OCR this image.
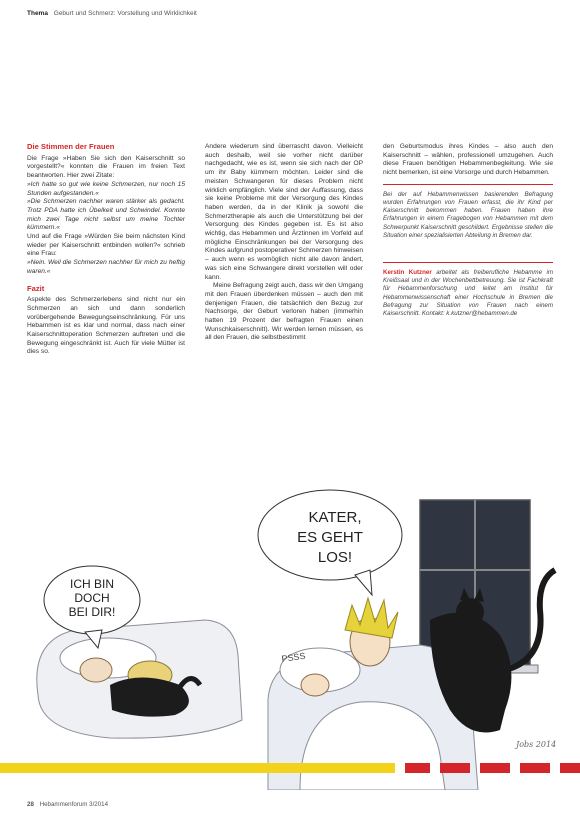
Thema Geburt und Schmerz: Vorstellung und Wirklichkeit
Die Stimmen der Frauen

Die Frage »Haben Sie sich den Kaiserschnitt so vorgestellt?« konnten die Frauen im freien Text beantworten. Hier zwei Zitate:

»Ich hatte so gut wie keine Schmerzen, nur noch 15 Stunden aufgestanden.«

»Die Schmerzen nachher waren stärker als gedacht. Trotz PDA hatte ich Übelkeit und Schwindel. Konnte mich zwei Tage nicht selbst um meine Tochter kümmern.«

Und auf die Frage »Würden Sie beim nächsten Kind wieder per Kaiserschnitt entbinden wollen?« schrieb eine Frau:

»Nein. Weil die Schmerzen nachher für mich zu heftig waren.«

Fazit

Aspekte des Schmerzerlebens sind nicht nur ein Schmerzen an sich und dann sonderlich vorübergehende Bewegungseinschränkung. Für uns Hebammen ist es klar und normal, dass nach einer Kaiserschnittoperation Schmerzen auftreten und die Bewegung eingeschränkt ist. Auch für viele Mütter ist dies so.

Andere wiederum sind überrascht davon. Vielleicht auch deshalb, weil sie vorher nicht darüber nachgedacht, wie es ist, wenn sie sich nach der OP um ihr Baby kümmern möchten. Leider sind die meisten Schwangeren für dieses Problem nicht wirklich empfänglich. Viele sind der Auffassung, dass sie keine Probleme mit der Versorgung des Kindes haben werden, da in der Klinik ja sowohl die Schmerztherapie als auch die Unterstützung bei der Versorgung des Kindes gegeben ist. Es ist also wichtig, das Hebammen und Ärztinnen im Vorfeld auf mögliche Einschränkungen bei der Versorgung des Kindes aufgrund postoperativer Schmerzen hinweisen – auch wenn es womöglich nicht alle davon ändert, was sich eine Schwangere direkt vorstellen will oder kann.

Meine Befragung zeigt auch, dass wir den Umgang mit den Frauen überdenken müssen – auch den mit denjenigen Frauen, die tatsächlich den Bezug zur Nachsorge, der Geburt verloren haben (immerhin hatten 19 Prozent der befragten Frauen einen Wunschkaiserschnitt). Wir werden lernen müssen, es all den Frauen, die selbstbestimmt

den Geburtsmodus ihres Kindes – also auch den Kaiserschnitt – wählen, professionell umzugehen. Auch diese Frauen benötigen Hebammenbegleitung. Wie sie nicht bemerken, ist eine Vorsorge und durch Hebammen.

Bei der auf Hebammenwissen basierenden Befragung wurden Erfahrungen von Frauen erfasst, die ihr Kind per Kaiserschnitt bekommen haben. Frauen haben ihre Erfahrungen in einem Fragebogen von Hebammen mit dem Schwerpunkt Kaiserschnitt geschildert. Ergebnisse stellen die Situation einer spezialisierten Abteilung in Bremen dar.

Kerstin Kutzner arbeitet als freiberufliche Hebamme im Kreißsaal und in der Wochenbettbetreuung. Sie ist Fachkraft für Hebammenforschung und leitet am Institut für Hebammenwissenschaft einer Hochschule in Bremen die Befragung zur Situation von Frauen nach einem Kaiserschnitt. Kontakt: k.kutzner@hebammen.de

ICH BIN
DOCH
BEI DIR!
PSSS
KATER,
ES GEHT
LOS!
Jobs 2014
28 Hebammenforum 3/2014
